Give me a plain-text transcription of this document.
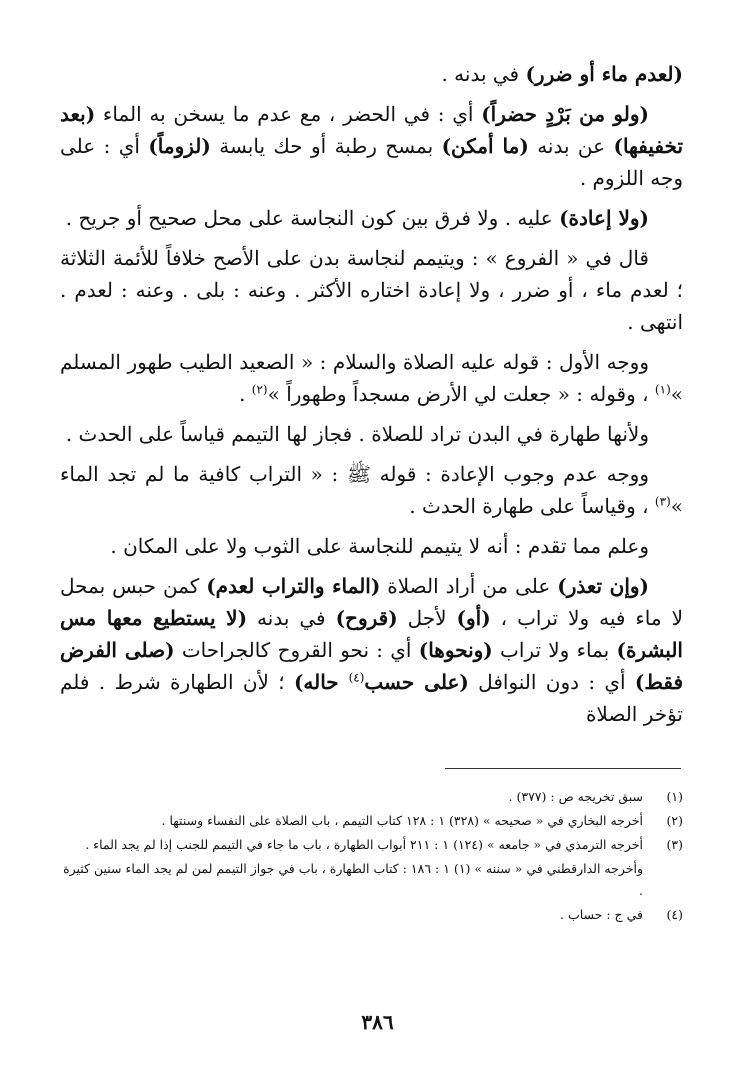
(لعدم ماء أو ضرر) في بدنه .

(ولو من بَرْدٍ حضراً) أي : في الحضر ، مع عدم ما يسخن به الماء (بعد تخفيفها) عن بدنه (ما أمكن) بمسح رطبة أو حك يابسة (لزوماً) أي : على وجه اللزوم .

(ولا إعادة) عليه . ولا فرق بين كون النجاسة على محل صحيح أو جريح .

قال في « الفروع » : ويتيمم لنجاسة بدن على الأصح خلافاً للأئمة الثلاثة ؛ لعدم ماء ، أو ضرر ، ولا إعادة اختاره الأكثر . وعنه : بلى . وعنه : لعدم . انتهى .

ووجه الأول : قوله عليه الصلاة والسلام : « الصعيد الطيب طهور المسلم »$^{(١)}$ ، وقوله : « جعلت لي الأرض مسجداً وطهوراً »$^{(٢)}$ .

ولأنها طهارة في البدن تراد للصلاة . فجاز لها التيمم قياساً على الحدث .

ووجه عدم وجوب الإعادة : قوله ﷺ : « التراب كافية ما لم تجد الماء »$^{(٣)}$ ، وقياساً على طهارة الحدث .

وعلم مما تقدم : أنه لا يتيمم للنجاسة على الثوب ولا على المكان .

(وإن تعذر) على من أراد الصلاة (الماء والتراب لعدم) كمن حبس بمحل لا ماء فيه ولا تراب ، (أو) لأجل (قروح) في بدنه (لا يستطيع معها مس البشرة) بماء ولا تراب (ونحوها) أي : نحو القروح كالجراحات (صلى الفرض فقط) أي : دون النوافل (على حسب$^{(٤)}$ حاله) ؛ لأن الطهارة شرط . فلم تؤخر الصلاة

(١)
سبق تخريجه ص : (٣٧٧) .
(٢)
أخرجه البخاري في « صحيحه » (٣٢٨) ١ : ١٢٨ كتاب التيمم ، باب الصلاة على النفساء وسنتها .
(٣)
أخرجه الترمذي في « جامعه » (١٢٤) ١ : ٢١١ أبواب الطهارة ، باب ما جاء في التيمم للجنب إذا لم يجد الماء .
وأخرجه الدارقطني في « سننه » (١) ١ : ١٨٦ : كتاب الطهارة ، باب في جواز التيمم لمن لم يجد الماء سنين كثيرة .
(٤)
في ج : حساب .
٣٨٦
